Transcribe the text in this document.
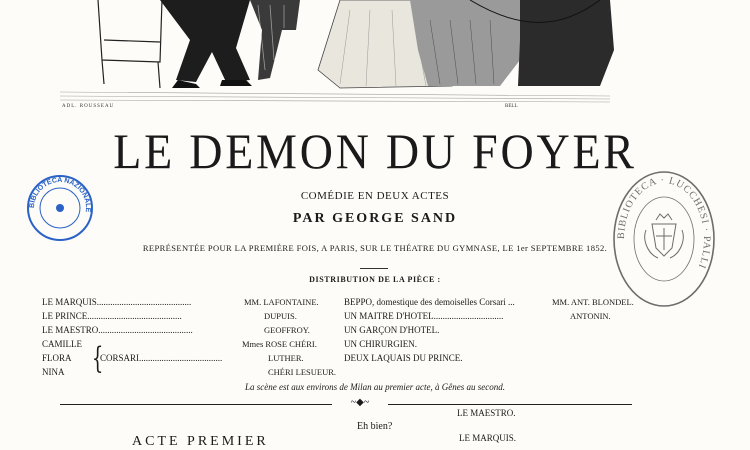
ADL. ROUSSEAU	BELL
BIBLIOTECA NAZIONALE
BIBLIOTECA · LUCCHESI · PALLI
LE DEMON DU FOYER
COMÉDIE EN DEUX ACTES
PAR GEORGE SAND
REPRÉSENTÉE POUR LA PREMIÈRE FOIS, A PARIS, SUR LE THÉATRE DU GYMNASE, LE 1er SEPTEMBRE 1852.
DISTRIBUTION DE LA PIÈCE :
LE MARQUIS..........................................	MM. LAFONTAINE.
LE PRINCE..........................................	DUPUIS.
LE MAESTRO..........................................	GEOFFROY.
CAMILLE	Mmes ROSE CHÉRI.
FLORA {
CORSARI.....................................	LUTHER.
NINA	CHÉRI LESUEUR.
BEPPO, domestique des demoiselles Corsari ...	MM. ANT. BLONDEL.
UN MAITRE D'HOTEL...............................	ANTONIN.
UN GARÇON D'HOTEL.
UN CHIRURGIEN.
DEUX LAQUAIS DU PRINCE.
La scène est aux environs de Milan au premier acte, à Gênes au second.
~◆~
ACTE PREMIER
Eh bien?
LE MAESTRO.
LE MARQUIS.
